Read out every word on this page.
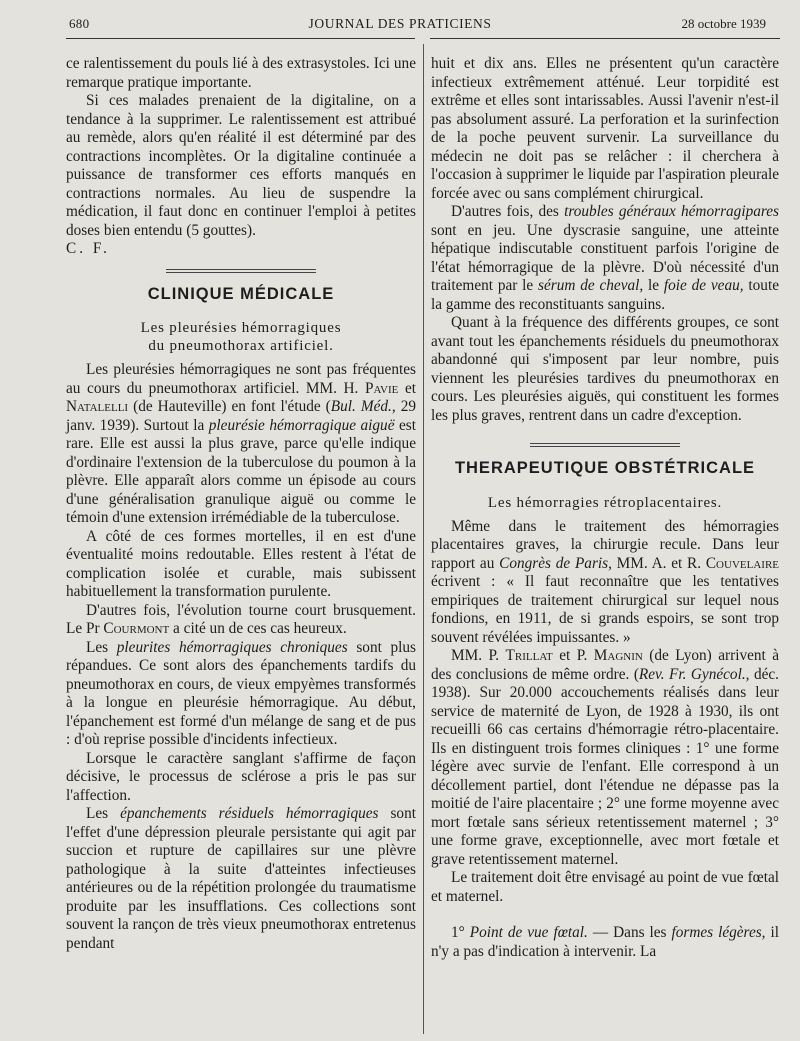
680	JOURNAL DES PRATICIENS	28 octobre 1939

ce ralentissement du pouls lié à des extrasystoles. Ici une remarque pratique importante.

Si ces malades prenaient de la digitaline, on a tendance à la supprimer. Le ralentissement est attribué au remède, alors qu'en réalité il est déterminé par des contractions incomplètes. Or la digitaline continuée a puissance de transformer ces efforts manqués en contractions normales. Au lieu de suspendre la médication, il faut donc en continuer l'emploi à petites doses bien entendu (5 gouttes).

C. F.

CLINIQUE MÉDICALE
Les pleurésies hémorragiques
du pneumothorax artificiel.

Les pleurésies hémorragiques ne sont pas fréquentes au cours du pneumothorax artificiel. MM. H. Pavie et Natalelli (de Hauteville) en font l'étude (Bul. Méd., 29 janv. 1939). Surtout la pleurésie hémorragique aiguë est rare. Elle est aussi la plus grave, parce qu'elle indique d'ordinaire l'extension de la tuberculose du poumon à la plèvre. Elle apparaît alors comme un épisode au cours d'une généralisation granulique aiguë ou comme le témoin d'une extension irrémédiable de la tuberculose.

A côté de ces formes mortelles, il en est d'une éventualité moins redoutable. Elles restent à l'état de complication isolée et curable, mais subissent habituellement la transformation purulente.

D'autres fois, l'évolution tourne court brusquement. Le Pr Courmont a cité un de ces cas heureux.

Les pleurites hémorragiques chroniques sont plus répandues. Ce sont alors des épanchements tardifs du pneumothorax en cours, de vieux empyèmes transformés à la longue en pleurésie hémorragique. Au début, l'épanchement est formé d'un mélange de sang et de pus : d'où reprise possible d'incidents infectieux.

Lorsque le caractère sanglant s'affirme de façon décisive, le processus de sclérose a pris le pas sur l'affection.

Les épanchements résiduels hémorragiques sont l'effet d'une dépression pleurale persistante qui agit par succion et rupture de capillaires sur une plèvre pathologique à la suite d'atteintes infectieuses antérieures ou de la répétition prolongée du traumatisme produite par les insufflations. Ces collections sont souvent la rançon de très vieux pneumothorax entretenus pendant

huit et dix ans. Elles ne présentent qu'un caractère infectieux extrêmement atténué. Leur torpidité est extrême et elles sont intarissables. Aussi l'avenir n'est-il pas absolument assuré. La perforation et la surinfection de la poche peuvent survenir. La surveillance du médecin ne doit pas se relâcher : il cherchera à l'occasion à supprimer le liquide par l'aspiration pleurale forcée avec ou sans complément chirurgical.

D'autres fois, des troubles généraux hémorragipares sont en jeu. Une dyscrasie sanguine, une atteinte hépatique indiscutable constituent parfois l'origine de l'état hémorragique de la plèvre. D'où nécessité d'un traitement par le sérum de cheval, le foie de veau, toute la gamme des reconstituants sanguins.

Quant à la fréquence des différents groupes, ce sont avant tout les épanchements résiduels du pneumothorax abandonné qui s'imposent par leur nombre, puis viennent les pleurésies tardives du pneumothorax en cours. Les pleurésies aiguës, qui constituent les formes les plus graves, rentrent dans un cadre d'exception.

THERAPEUTIQUE OBSTÉTRICALE
Les hémorragies rétroplacentaires.

Même dans le traitement des hémorragies placentaires graves, la chirurgie recule. Dans leur rapport au Congrès de Paris, MM. A. et R. Couvelaire écrivent : « Il faut reconnaître que les tentatives empiriques de traitement chirurgical sur lequel nous fondions, en 1911, de si grands espoirs, se sont trop souvent révélées impuissantes. »

MM. P. Trillat et P. Magnin (de Lyon) arrivent à des conclusions de même ordre. (Rev. Fr. Gynécol., déc. 1938). Sur 20.000 accouchements réalisés dans leur service de maternité de Lyon, de 1928 à 1930, ils ont recueilli 66 cas certains d'hémorragie rétro-placentaire. Ils en distinguent trois formes cliniques : 1° une forme légère avec survie de l'enfant. Elle correspond à un décollement partiel, dont l'étendue ne dépasse pas la moitié de l'aire placentaire ; 2° une forme moyenne avec mort fœtale sans sérieux retentissement maternel ; 3° une forme grave, exceptionnelle, avec mort fœtale et grave retentissement maternel.

Le traitement doit être envisagé au point de vue fœtal et maternel.

1° Point de vue fœtal. — Dans les formes légères, il n'y a pas d'indication à intervenir. La
